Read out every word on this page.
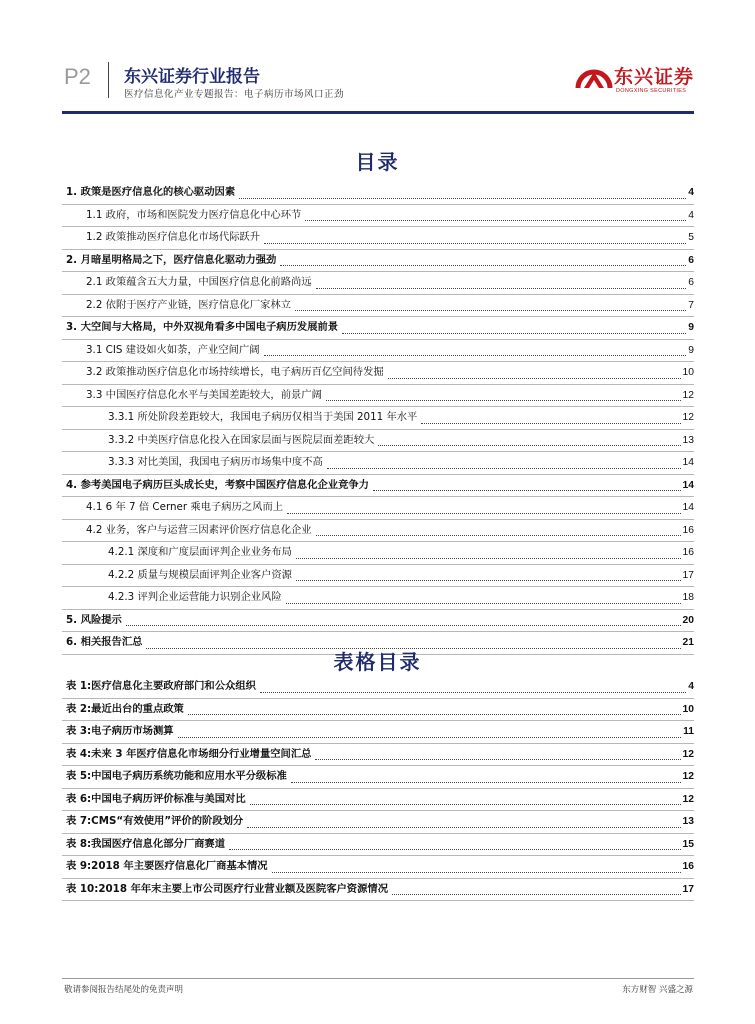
P2 东兴证券行业报告
医疗信息化产业专题报告：电子病历市场风口正劲
东兴证券
DONGXING SECURITIES
目录
1. 政策是医疗信息化的核心驱动因素	4
1.1 政府，市场和医院发力医疗信息化中心环节	4
1.2 政策推动医疗信息化市场代际跃升	5
2. 月暗星明格局之下，医疗信息化驱动力强劲	6
2.1 政策蕴含五大力量，中国医疗信息化前路尚远	6
2.2 依附于医疗产业链，医疗信息化厂家林立	7
3. 大空间与大格局，中外双视角看多中国电子病历发展前景	9
3.1 CIS 建设如火如荼，产业空间广阔	9
3.2 政策推动医疗信息化市场持续增长，电子病历百亿空间待发掘	10
3.3 中国医疗信息化水平与美国差距较大，前景广阔	12
3.3.1 所处阶段差距较大，我国电子病历仅相当于美国 2011 年水平	12
3.3.2 中美医疗信息化投入在国家层面与医院层面差距较大	13
3.3.3 对比美国，我国电子病历市场集中度不高	14
4. 参考美国电子病历巨头成长史，考察中国医疗信息化企业竞争力	14
4.1 6 年 7 倍 Cerner 乘电子病历之风而上	14
4.2 业务，客户与运营三因素评价医疗信息化企业	16
4.2.1 深度和广度层面评判企业业务布局	16
4.2.2 质量与规模层面评判企业客户资源	17
4.2.3 评判企业运营能力识别企业风险	18
5. 风险提示	20
6. 相关报告汇总	21
表格目录
表 1:医疗信息化主要政府部门和公众组织	4
表 2:最近出台的重点政策	10
表 3:电子病历市场测算	11
表 4:未来 3 年医疗信息化市场细分行业增量空间汇总	12
表 5:中国电子病历系统功能和应用水平分级标准	12
表 6:中国电子病历评价标准与美国对比	12
表 7:CMS“有效使用”评价的阶段划分	13
表 8:我国医疗信息化部分厂商赛道	15
表 9:2018 年主要医疗信息化厂商基本情况	16
表 10:2018 年年末主要上市公司医疗行业营业额及医院客户资源情况	17
敬请参阅报告结尾处的免责声明	东方财智 兴盛之源
